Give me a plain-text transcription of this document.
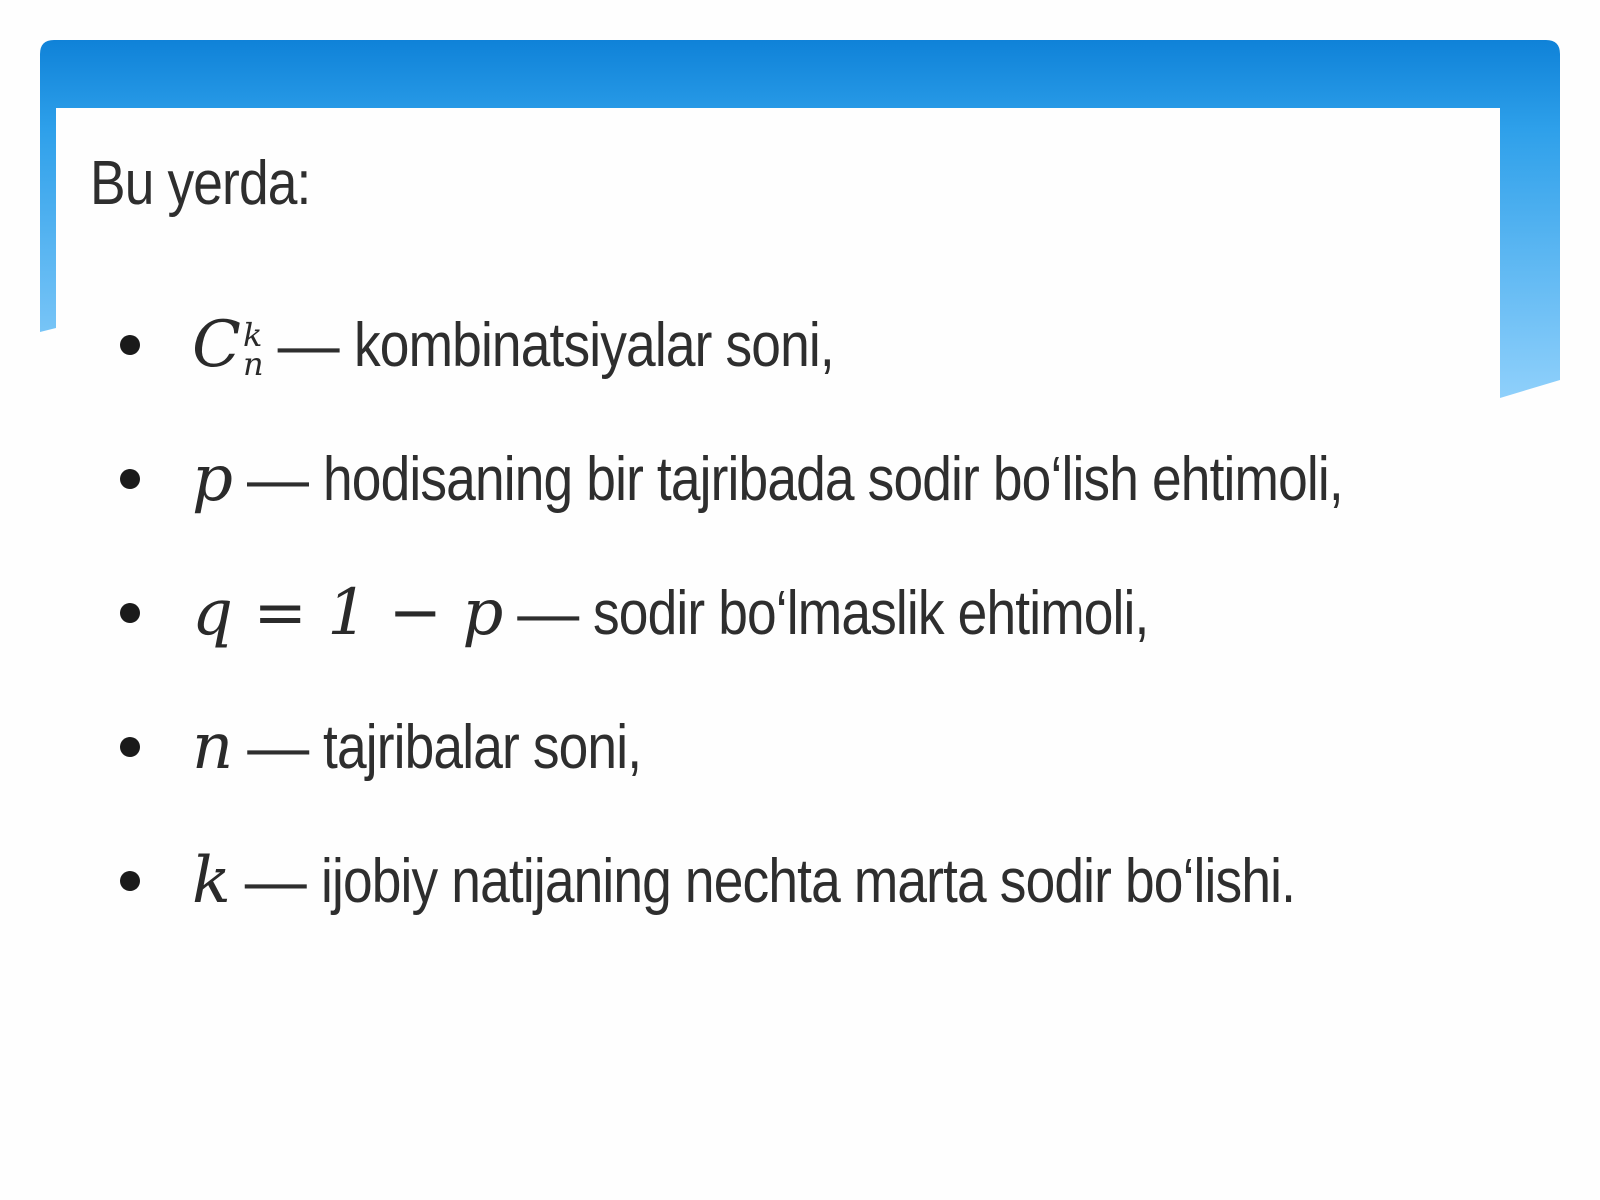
Bu yerda:
C k
n — kombinatsiyalar soni,
p — hodisaning bir tajribada sodir bo‘lish ehtimoli,
q = 1 − p — sodir bo‘lmaslik ehtimoli,
n — tajribalar soni,
k — ijobiy natijaning nechta marta sodir bo‘lishi.
